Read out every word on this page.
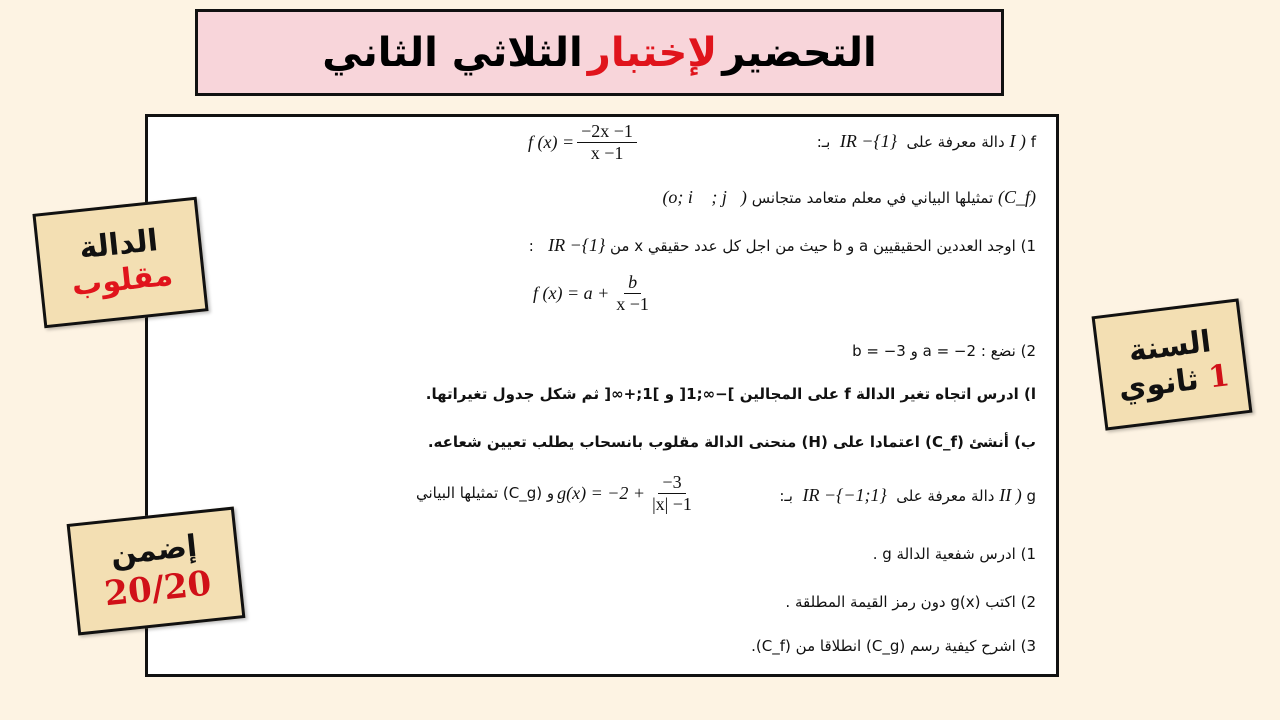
التحضير

لإختبار

الثلاثي الثاني
I ) f دالة معرفة على  IR −{1}  بـ:
f $(x) = \frac{-2x -1}{x -1}$
(C_f) تمثيلها البياني في معلم متعامد متجانس (o; i⃗ ; j⃗)
1) اوجد العددين الحقيقيين a و b حيث من اجل كل عدد حقيقي x من IR −{1}   :
f $(x) = a + \frac{b}{x -1}$
2) نضع : a = −2 و b = −3
ا) ادرس اتجاه تغير الدالة f على المجالين ]−∞;1[ و ]1;+∞[ ثم شكل جدول تغيراتها.
ب) أنشئ (C_f) اعتمادا على (H) منحنى الدالة مقلوب بانسحاب يطلب تعيين شعاعه.
II ) g دالة معرفة على  IR −{−1;1}  بـ:
و (C_g) تمثيلها البياني $g(x) = -2 + \frac{-3}{|x| -1}$
1) ادرس شفعية الدالة g .
2) اكتب g(x) دون رمز القيمة المطلقة .
3) اشرح كيفية رسم (C_g) انطلاقا من (C_f).
الدالة
مقلوب
السنة
1 ثانوي
إضمن
20/20
